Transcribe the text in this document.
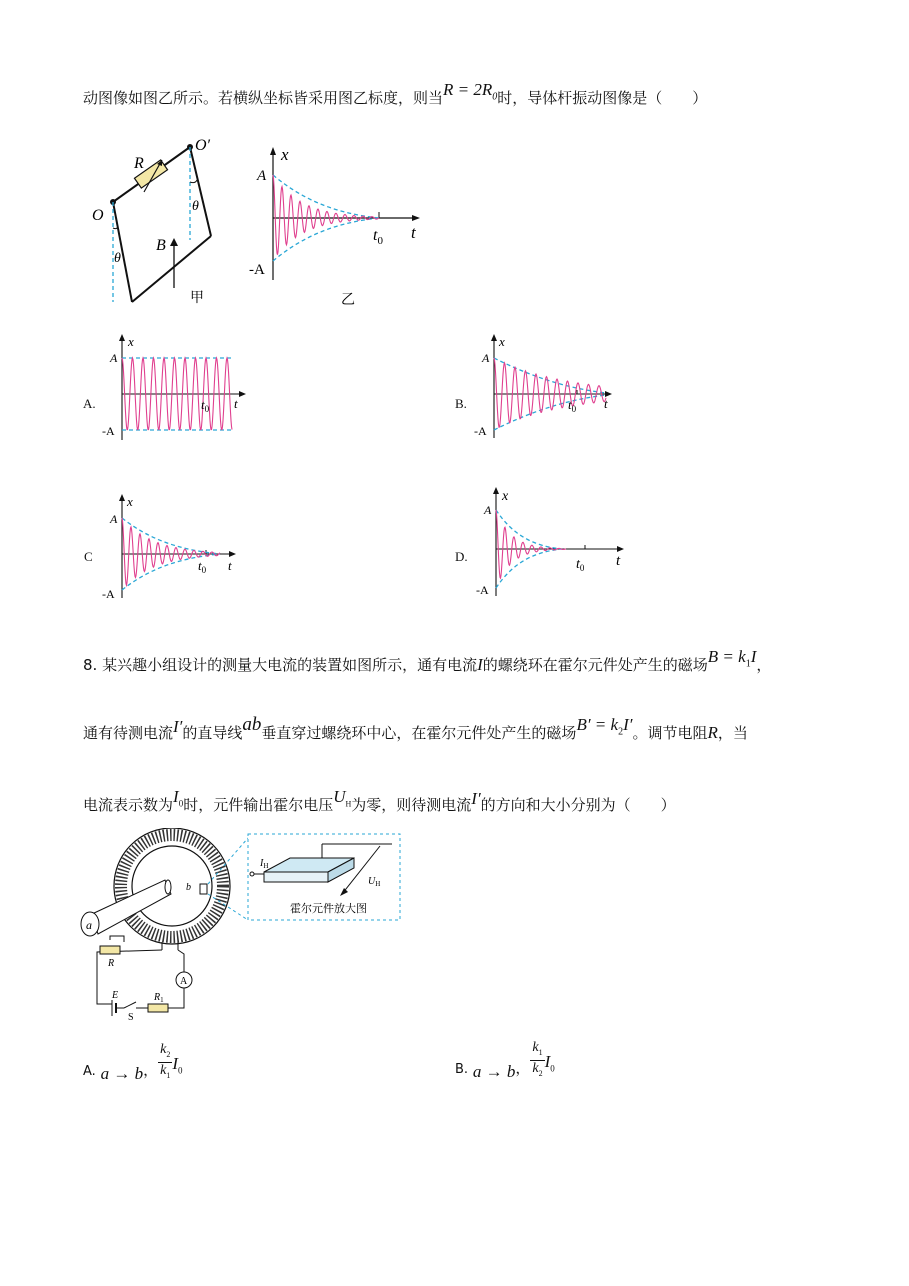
动图像如图乙所示。若横纵坐标皆采用图乙标度，则当$R = 2R_0$时，导体杆振动图像是（　　）
O
O′
R
B
θ
θ
甲
x
t
A
-A
$t_0$
乙
A.
x
t
A
-A
$t_0$	B.
x
t
A
-A
$t_0$
C
x
t
A
-A
$t_0$
D.
x
t
A
-A
$t_0$
8. 某兴趣小组设计的测量大电流的装置如图所示，通有电流I的螺绕环在霍尔元件处产生的磁场$B = k_1I$，
通有待测电流I′的直导线ab垂直穿过螺绕环中心，在霍尔元件处产生的磁场$B' = k_2I'$。调节电阻R，当
电流表示数为$I_0$时，元件输出霍尔电压$U_H$为零，则待测电流I′的方向和大小分别为（　　）
a
b
$I_H$
$U_H$
霍尔元件放大图
R
A
E
S
$R_1$
A. a → b， $\frac{k_2}{k_1} I_0$	B. a → b， $\frac{k_1}{k_2} I_0$
